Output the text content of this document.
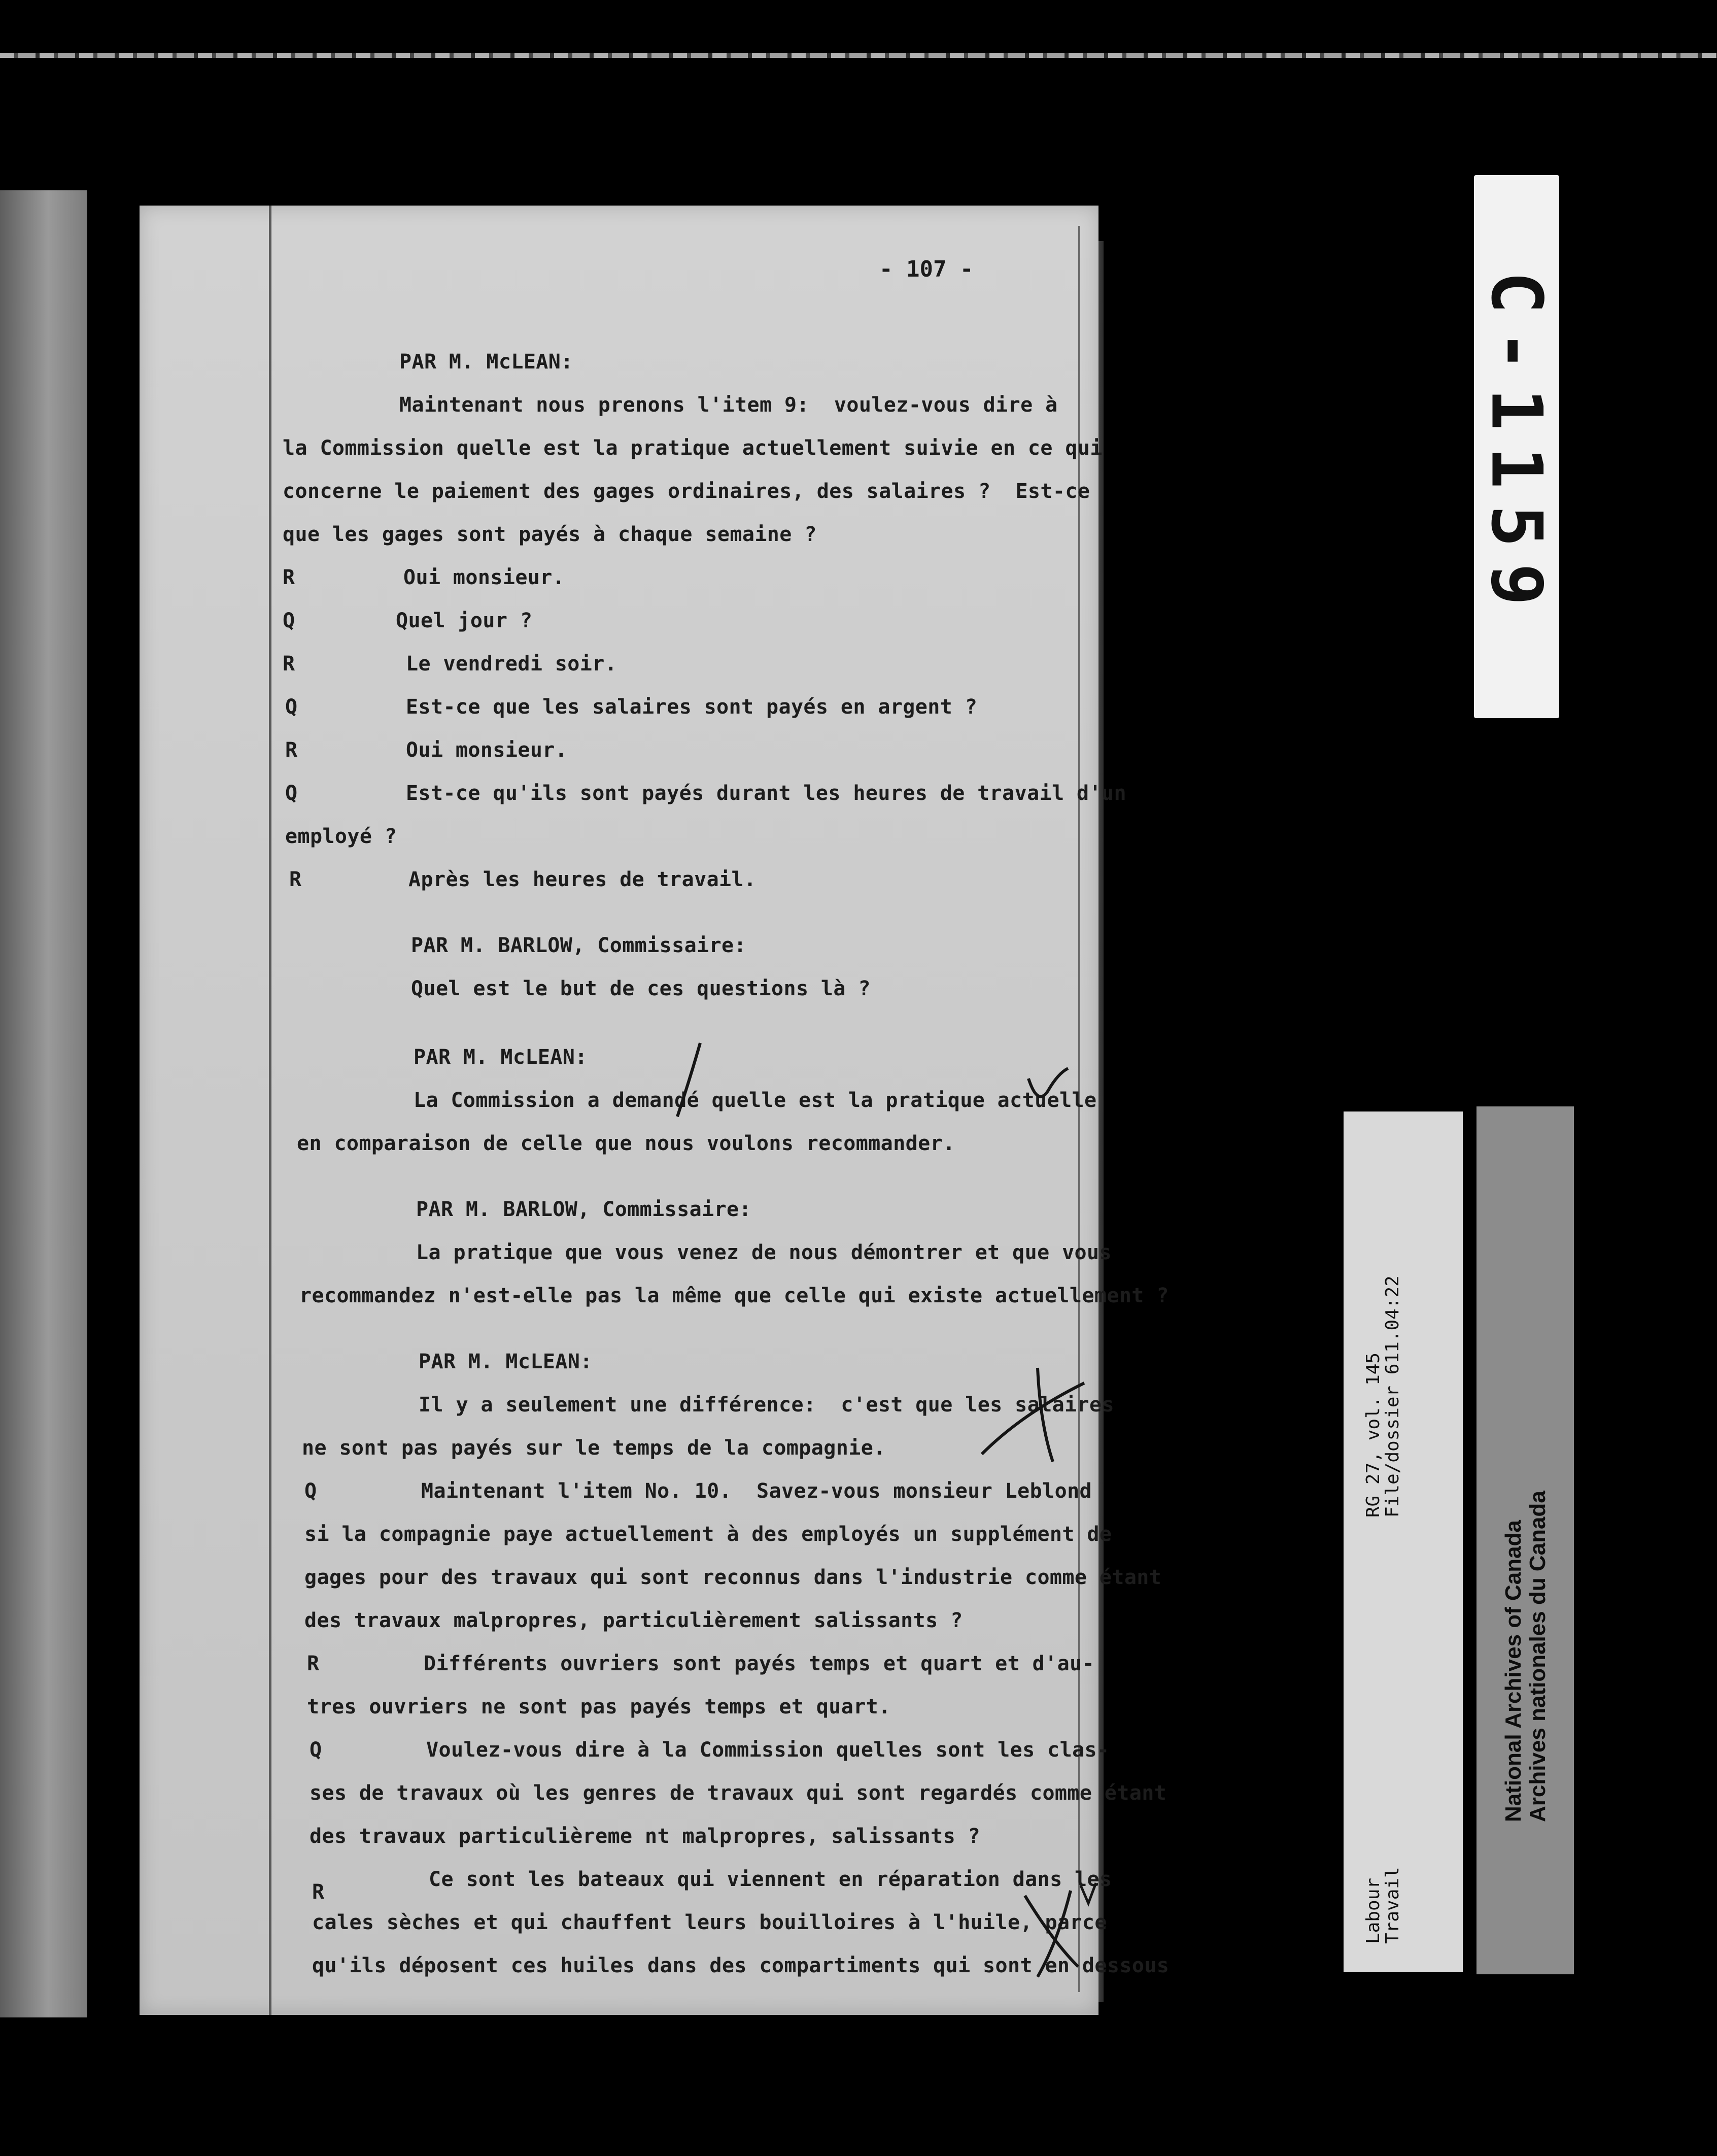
- 107 -
PAR M. McLEAN:
Maintenant nous prenons l'item 9:  voulez-vous dire à
la Commission quelle est la pratique actuellement suivie en ce qui
concerne le paiement des gages ordinaires, des salaires ?  Est-ce
que les gages sont payés à chaque semaine ?
R	Oui monsieur.
Q	Quel jour ?
R	Le vendredi soir.
Q	Est-ce que les salaires sont payés en argent ?
R	Oui monsieur.
Q	Est-ce qu'ils sont payés durant les heures de travail d'un
employé ?
R	Après les heures de travail.
PAR M. BARLOW, Commissaire:
Quel est le but de ces questions là ?
PAR M. McLEAN:
La Commission a demandé quelle est la pratique actuelle
en comparaison de celle que nous voulons recommander.
PAR M. BARLOW, Commissaire:
La pratique que vous venez de nous démontrer et que vous
recommandez n'est-elle pas la même que celle qui existe actuellement ?
PAR M. McLEAN:
Il y a seulement une différence:  c'est que les salaires
ne sont pas payés sur le temps de la compagnie.
Q	Maintenant l'item No. 10.  Savez-vous monsieur Leblond
si la compagnie paye actuellement à des employés un supplément de
gages pour des travaux qui sont reconnus dans l'industrie comme étant
des travaux malpropres, particulièrement salissants ?
R	Différents ouvriers sont payés temps et quart et d'au-
tres ouvriers ne sont pas payés temps et quart.
Q	Voulez-vous dire à la Commission quelles sont les clas-
ses de travaux où les genres de travaux qui sont regardés comme étant
des travaux particulièreme nt malpropres, salissants ?
R
Ce sont les bateaux qui viennent en réparation dans les
cales sèches et qui chauffent leurs bouilloires à l'huile, parce
qu'ils déposent ces huiles dans des compartiments qui sont en dessous
C-1159
RG 27, vol. 145
File/dossier 611.04:22
Labour
Travail
National Archives of Canada Archives nationales du Canada
